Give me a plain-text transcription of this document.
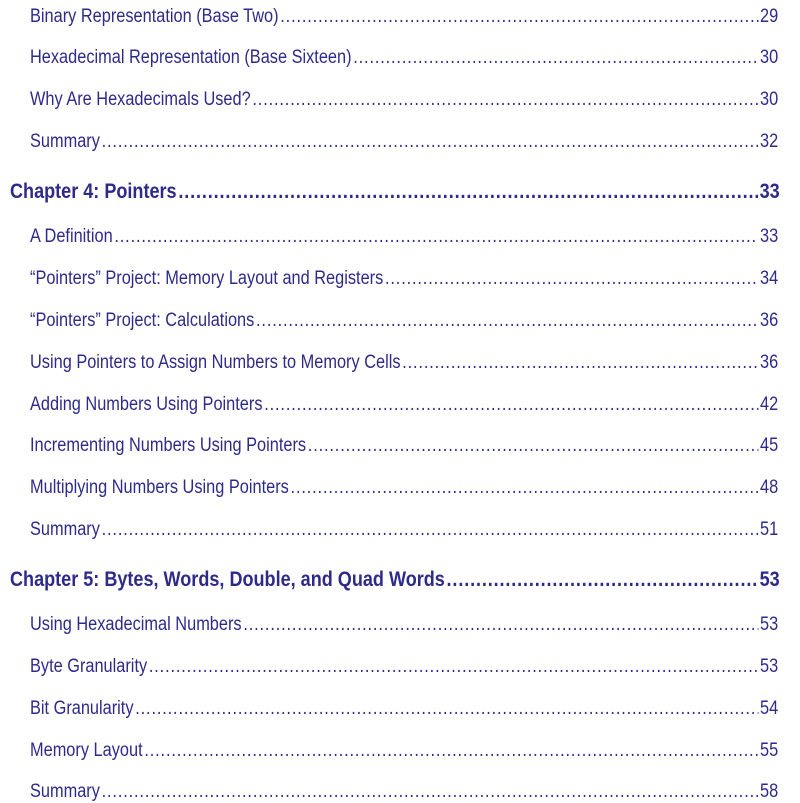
Binary Representation (Base Two) .....	29
Hexadecimal Representation (Base Sixteen) .....	30
Why Are Hexadecimals Used? .....	30
Summary .....	32
Chapter 4: Pointers .....	33
A Definition .....	33
“Pointers” Project: Memory Layout and Registers .....	34
“Pointers” Project: Calculations .....	36
Using Pointers to Assign Numbers to Memory Cells .....	36
Adding Numbers Using Pointers .....	42
Incrementing Numbers Using Pointers .....	45
Multiplying Numbers Using Pointers .....	48
Summary .....	51
Chapter 5: Bytes, Words, Double, and Quad Words .....	53
Using Hexadecimal Numbers .....	53
Byte Granularity .....	53
Bit Granularity .....	54
Memory Layout .....	55
Summary .....	58
